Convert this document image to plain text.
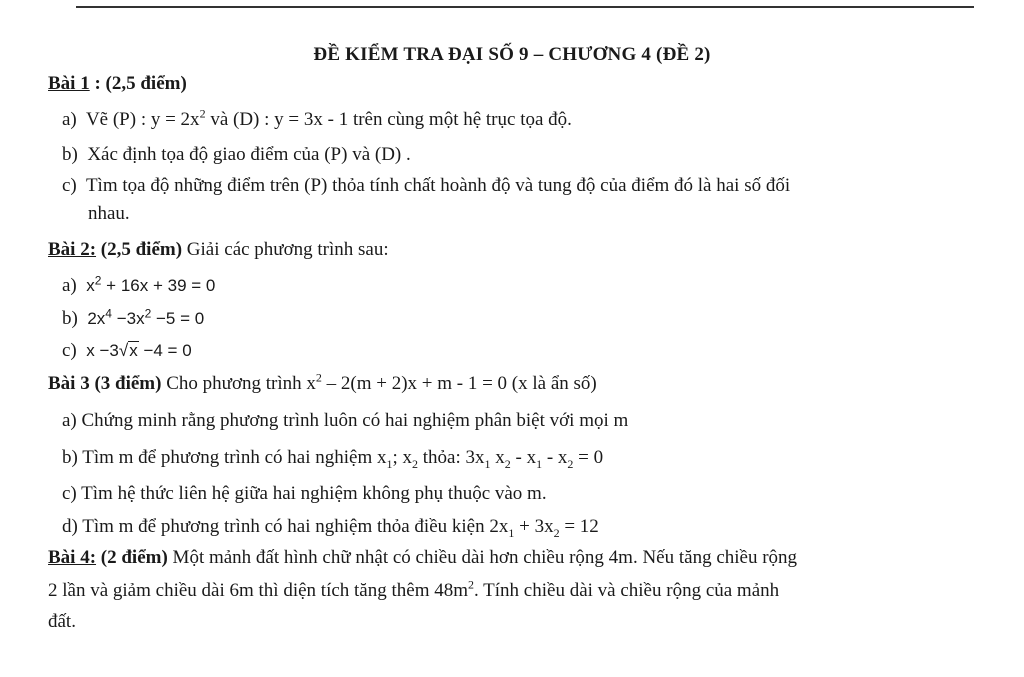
ĐỀ KIỂM TRA ĐẠI SỐ 9 – CHƯƠNG 4 (ĐỀ 2)
Bài 1 : (2,5 điểm)
a) Vẽ (P) : $y = 2x^2$ và (D) : y = 3x - 1 trên cùng một hệ trục tọa độ.
b) Xác định tọa độ giao điểm của (P) và (D) .
c) Tìm tọa độ những điểm trên (P) thỏa tính chất hoành độ và tung độ của điểm đó là hai số đối
nhau.
Bài 2: (2,5 điểm) Giải các phương trình sau:
a) $x^2 + 16x + 39 = 0$
b) $2x^4 -3x^2 -5 = 0$
c) x −3√x −4 = 0
Bài 3 (3 điểm) Cho phương trình $x^2 - 2(m + 2)x + m - 1 = 0$ (x là ẩn số)
a) Chứng minh rằng phương trình luôn có hai nghiệm phân biệt với mọi m
b) Tìm m để phương trình có hai nghiệm $x_1$; $x_2$ thỏa: $3x_1$ $x_2 - x_1 - x_2 = 0$
c) Tìm hệ thức liên hệ giữa hai nghiệm không phụ thuộc vào m.
d) Tìm m để phương trình có hai nghiệm thỏa điều kiện $2x_1 + 3x_2 = 12$
Bài 4: (2 điểm) Một mảnh đất hình chữ nhật có chiều dài hơn chiều rộng 4m. Nếu tăng chiều rộng
2 lần và giảm chiều dài 6m thì diện tích tăng thêm $48m^2$. Tính chiều dài và chiều rộng của mảnh
đất.
